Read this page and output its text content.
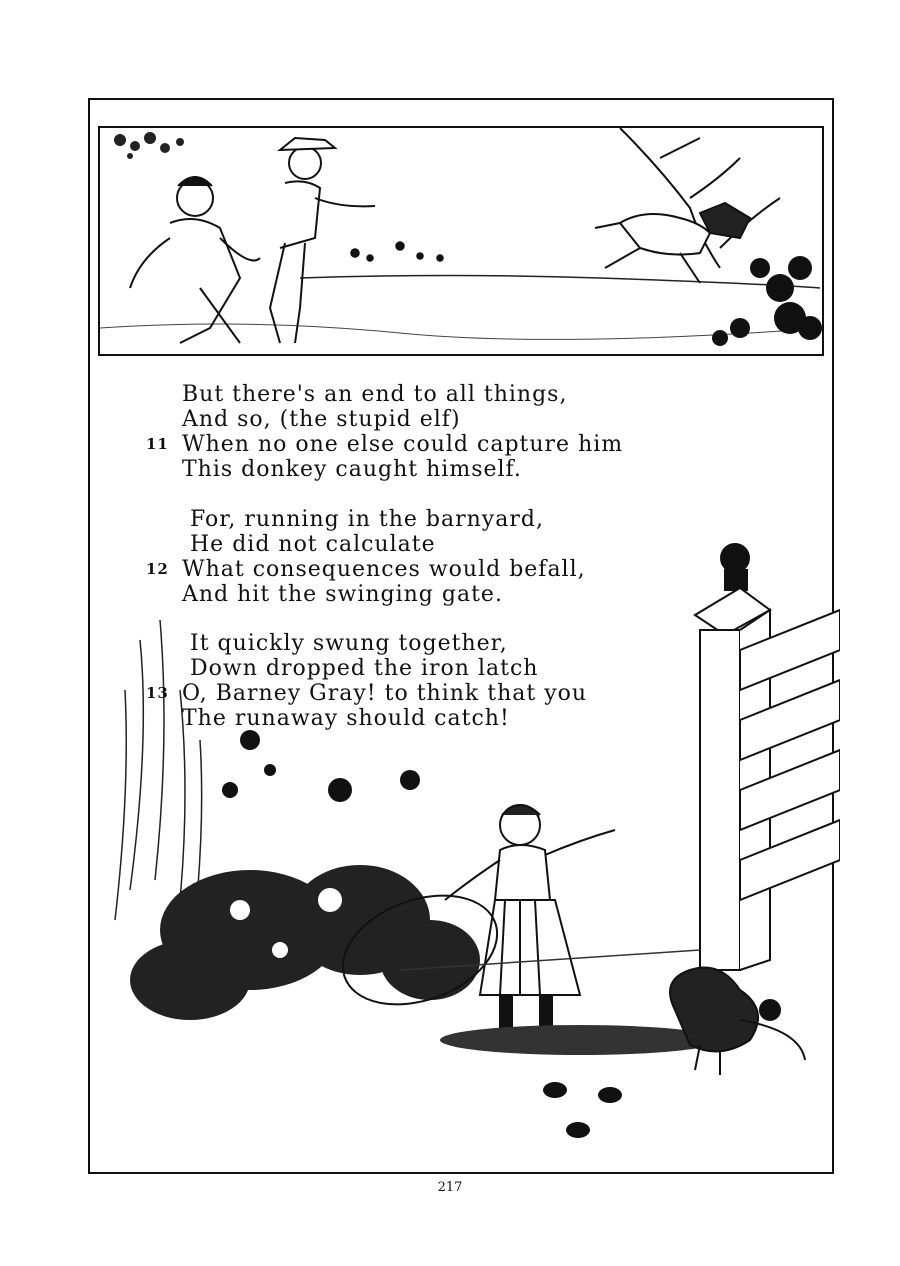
But there's an end to all things,
And so, (the stupid elf)
11 When no one else could capture him
This donkey caught himself.
For, running in the barnyard,
He did not calculate
12 What consequences would befall,
And hit the swinging gate.
It quickly swung together,
Down dropped the iron latch
13 O, Barney Gray! to think that you
The runaway should catch!
217
